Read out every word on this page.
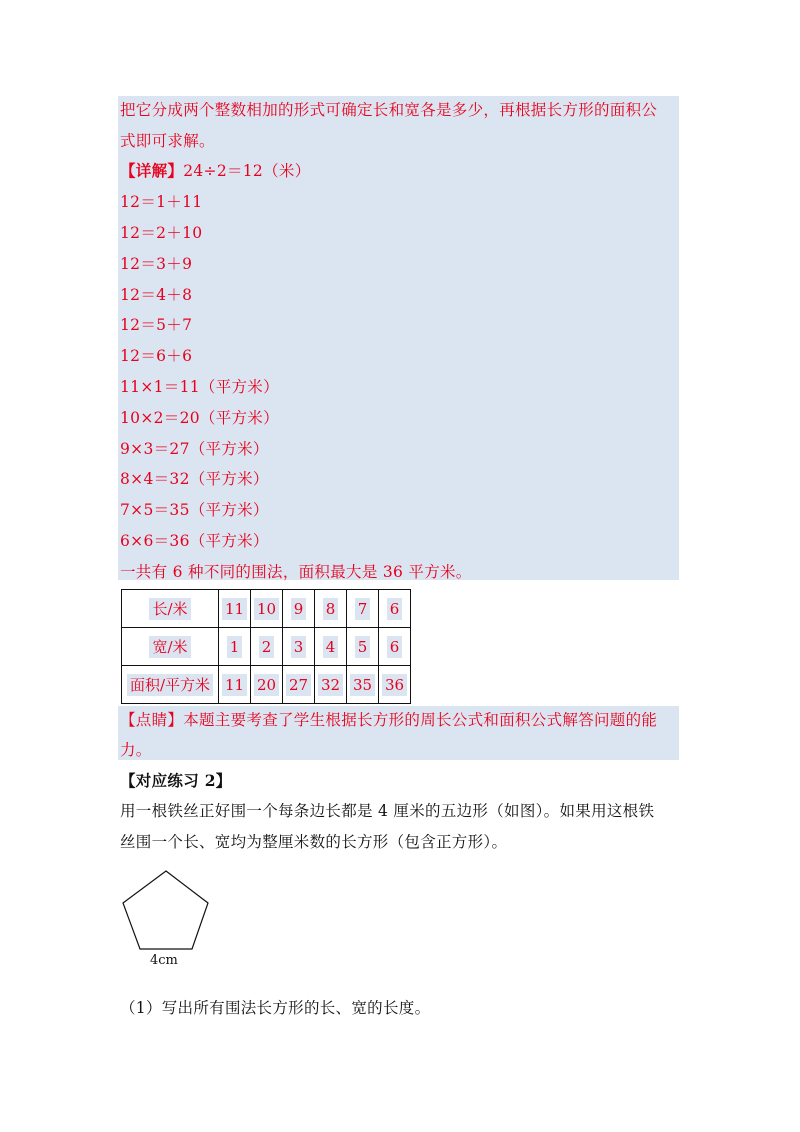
把它分成两个整数相加的形式可确定长和宽各是多少，再根据长方形的面积公
式即可求解。
【详解】24÷2＝12（米）
12＝1＋11
12＝2＋10
12＝3＋9
12＝4＋8
12＝5＋7
12＝6＋6
11×1＝11（平方米）
10×2＝20（平方米）
9×3＝27（平方米）
8×4＝32（平方米）
7×5＝35（平方米）
6×6＝36（平方米）
一共有 6 种不同的围法，面积最大是 36 平方米。
长/米	11	10	9	8	7	6
宽/米	1	2	3	4	5	6
面积/平方米	11	20	27	32	35	36
【点睛】本题主要考查了学生根据长方形的周长公式和面积公式解答问题的能
力。
【对应练习 2】
用一根铁丝正好围一个每条边长都是 4 厘米的五边形（如图）。如果用这根铁
丝围一个长、宽均为整厘米数的长方形（包含正方形）。
4cm
（1）写出所有围法长方形的长、宽的长度。
